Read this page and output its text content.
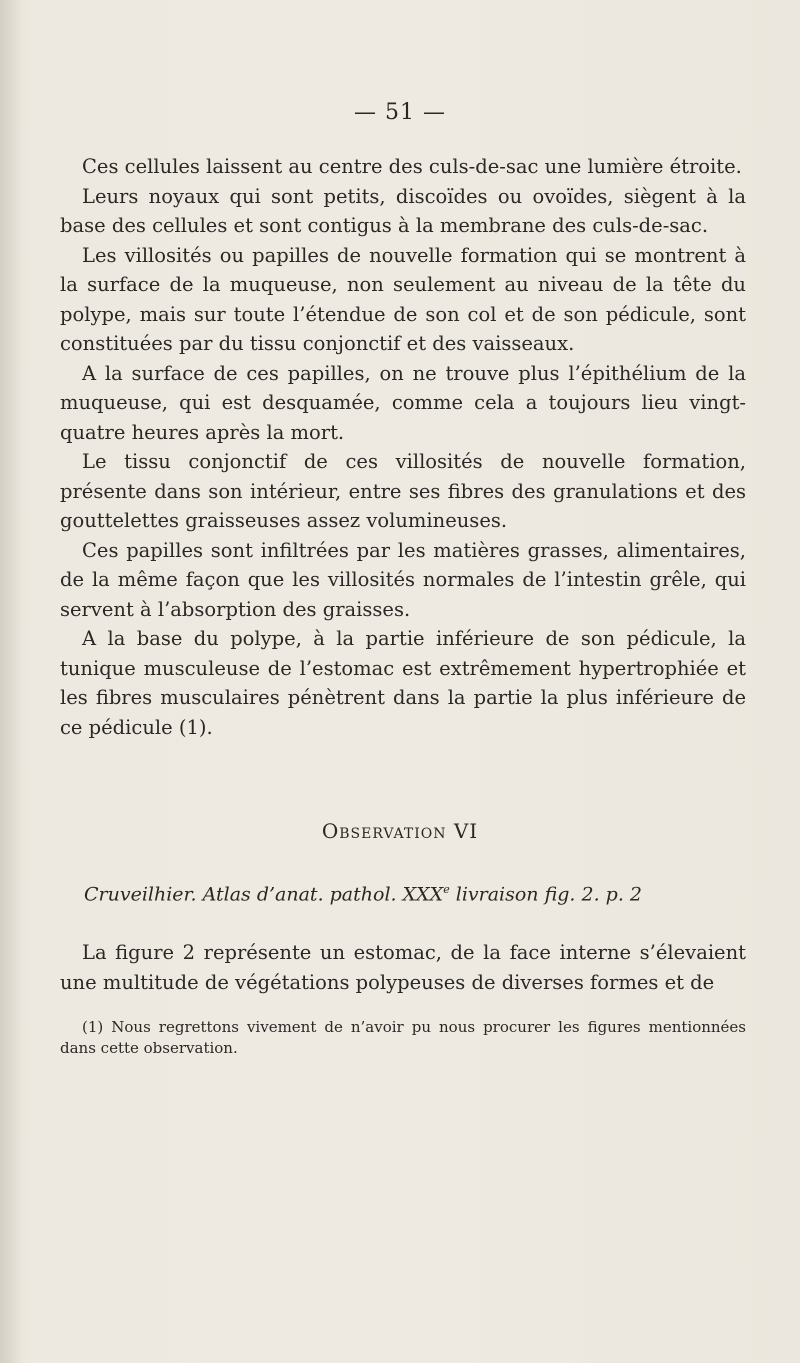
— 51 —

Ces cellules laissent au centre des culs-de-sac une lumière étroite.

Leurs noyaux qui sont petits, discoïdes ou ovoïdes, siègent à la base des cellules et sont contigus à la membrane des culs-de-sac.

Les villosités ou papilles de nouvelle formation qui se montrent à la surface de la muqueuse, non seulement au niveau de la tête du polype, mais sur toute l’étendue de son col et de son pédicule, sont constituées par du tissu conjonctif et des vaisseaux.

A la surface de ces papilles, on ne trouve plus l’épithélium de la muqueuse, qui est desquamée, comme cela a toujours lieu vingt-quatre heures après la mort.

Le tissu conjonctif de ces villosités de nouvelle formation, présente dans son intérieur, entre ses fibres des granulations et des gouttelettes graisseuses assez volumineuses.

Ces papilles sont infiltrées par les matières grasses, alimentaires, de la même façon que les villosités normales de l’intestin grêle, qui servent à l’absorption des graisses.

A la base du polype, à la partie inférieure de son pédicule, la tunique musculeuse de l’estomac est extrêmement hypertrophiée et les fibres musculaires pénètrent dans la partie la plus inférieure de ce pédicule (1).

Observation VI
Cruveilhier. Atlas d’anat. pathol. XXXe livraison fig. 2. p. 2

La figure 2 représente un estomac, de la face interne s’élevaient une multitude de végétations polypeuses de diverses formes et de

(1) Nous regrettons vivement de n’avoir pu nous procurer les figures mentionnées dans cette observation.
